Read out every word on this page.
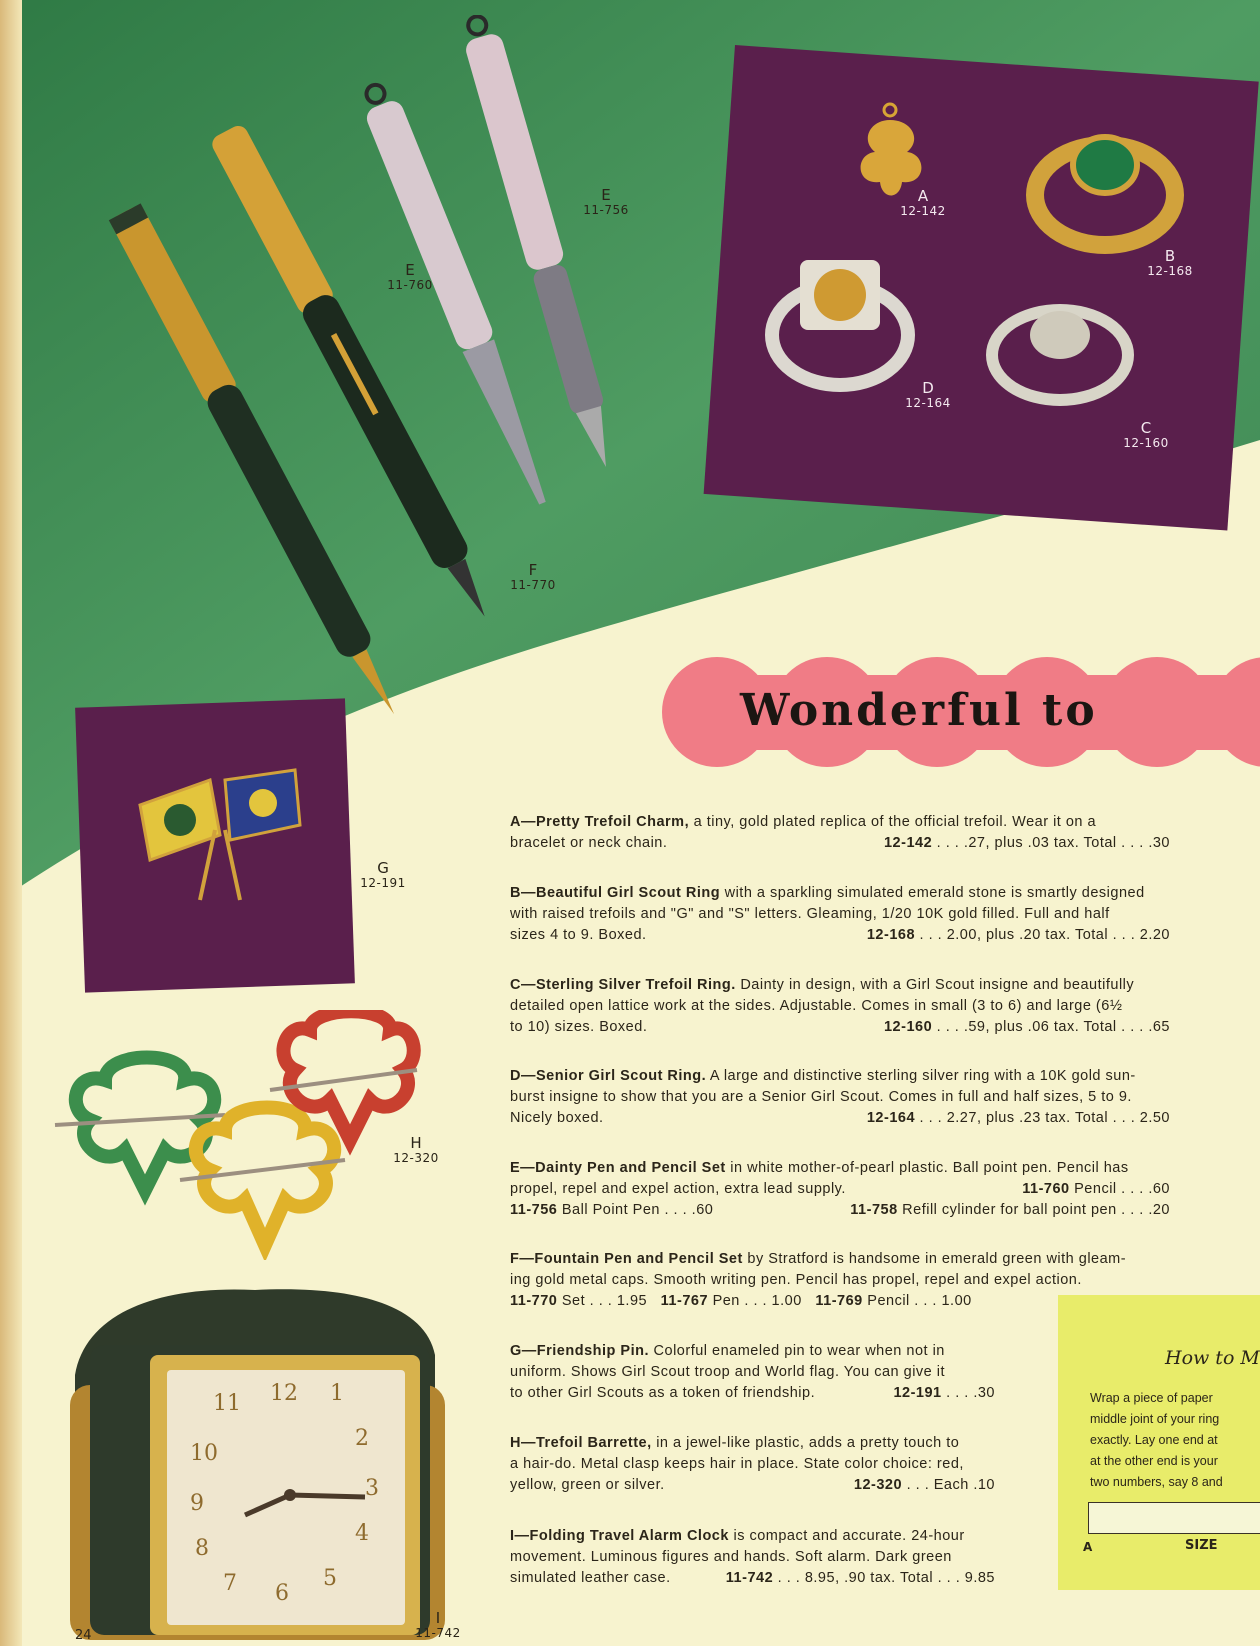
E
11-760
E
11-756
F
11-770
A
12-142
B
12-168
C
12-160
D
12-164
G
12-191
H
12-320
11 12 1
2
3
4
5
6
7
8
9
10
I
11-742
Wonderful to
A—Pretty Trefoil Charm, a tiny, gold plated replica of the official trefoil. Wear it on a
bracelet or neck chain.	12-142 . . . .27, plus .03 tax. Total . . . .30
B—Beautiful Girl Scout Ring with a sparkling simulated emerald stone is smartly designed
with raised trefoils and "G" and "S" letters. Gleaming, 1/20 10K gold filled. Full and half
sizes 4 to 9. Boxed.	12-168 . . . 2.00, plus .20 tax. Total . . . 2.20
C—Sterling Silver Trefoil Ring. Dainty in design, with a Girl Scout insigne and beautifully
detailed open lattice work at the sides. Adjustable. Comes in small (3 to 6) and large (6½
to 10) sizes. Boxed.	12-160 . . . .59, plus .06 tax. Total . . . .65
D—Senior Girl Scout Ring. A large and distinctive sterling silver ring with a 10K gold sun-
burst insigne to show that you are a Senior Girl Scout. Comes in full and half sizes, 5 to 9.
Nicely boxed.	12-164 . . . 2.27, plus .23 tax. Total . . . 2.50
E—Dainty Pen and Pencil Set in white mother-of-pearl plastic. Ball point pen. Pencil has
propel, repel and expel action, extra lead supply.	11-760 Pencil . . . .60
11-756 Ball Point Pen . . . .60	11-758 Refill cylinder for ball point pen . . . .20
F—Fountain Pen and Pencil Set by Stratford is handsome in emerald green with gleam-
ing gold metal caps. Smooth writing pen. Pencil has propel, repel and expel action.
11-770 Set . . . 1.95 11-767 Pen . . . 1.00 11-769 Pencil . . . 1.00
G—Friendship Pin. Colorful enameled pin to wear when not in
uniform. Shows Girl Scout troop and World flag. You can give it
to other Girl Scouts as a token of friendship.	12-191 . . . .30
H—Trefoil Barrette, in a jewel-like plastic, adds a pretty touch to
a hair-do. Metal clasp keeps hair in place. State color choice: red,
yellow, green or silver.	12-320 . . . Each .10
I—Folding Travel Alarm Clock is compact and accurate. 24-hour
movement. Luminous figures and hands. Soft alarm. Dark green
simulated leather case.	11-742 . . . 8.95, .90 tax. Total . . . 9.85
How to M
Wrap a piece of paper
middle joint of your ring
exactly. Lay one end at
at the other end is your
two numbers, say 8 and
A	SIZE
24
